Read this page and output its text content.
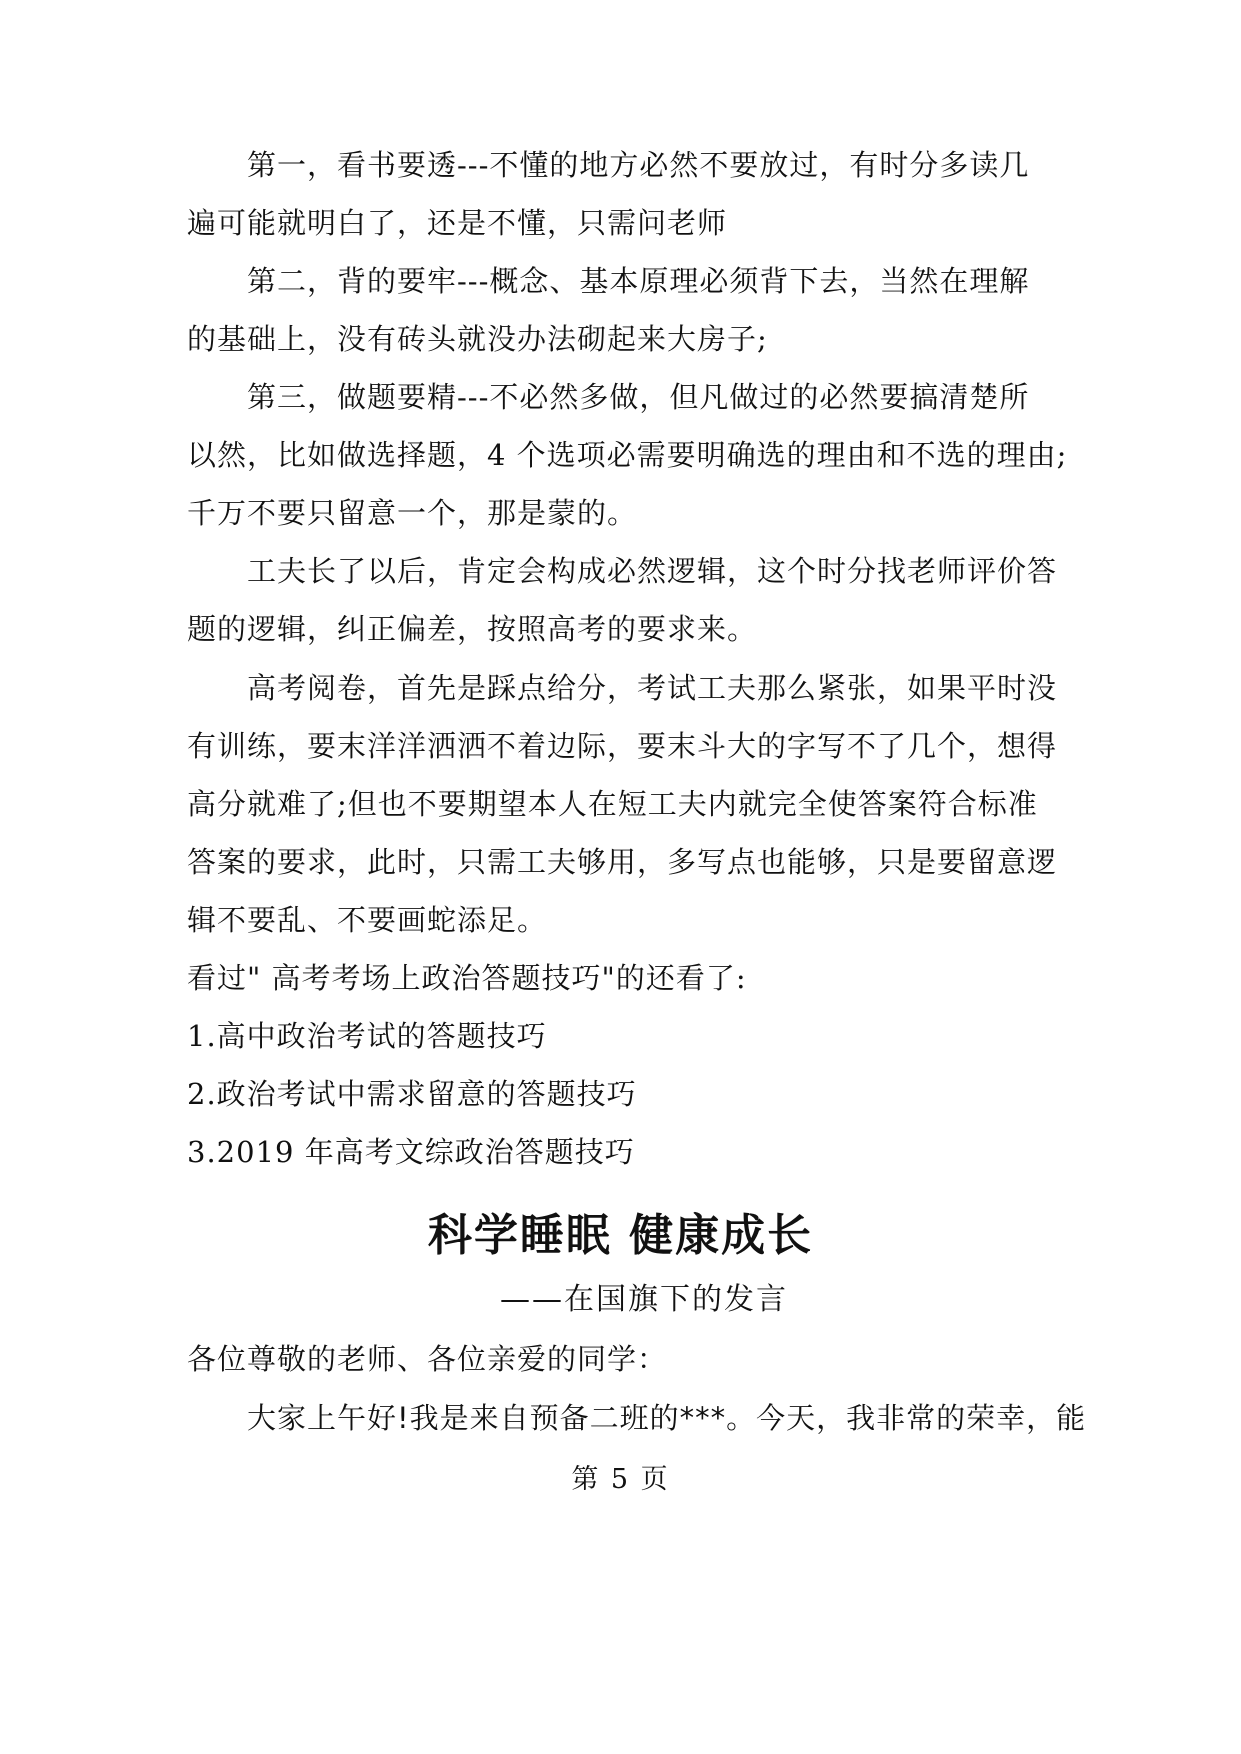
第一，看书要透---不懂的地方必然不要放过，有时分多读几
遍可能就明白了，还是不懂，只需问老师
第二，背的要牢---概念、基本原理必须背下去，当然在理解
的基础上，没有砖头就没办法砌起来大房子;
第三，做题要精---不必然多做，但凡做过的必然要搞清楚所
以然，比如做选择题，4 个选项必需要明确选的理由和不选的理由;
千万不要只留意一个，那是蒙的。
工夫长了以后，肯定会构成必然逻辑，这个时分找老师评价答
题的逻辑，纠正偏差，按照高考的要求来。
高考阅卷，首先是踩点给分，考试工夫那么紧张，如果平时没
有训练，要末洋洋洒洒不着边际，要末斗大的字写不了几个，想得
高分就难了;但也不要期望本人在短工夫内就完全使答案符合标准
答案的要求，此时，只需工夫够用，多写点也能够，只是要留意逻
辑不要乱、不要画蛇添足。
看过" 高考考场上政治答题技巧"的还看了:
1.高中政治考试的答题技巧
2.政治考试中需求留意的答题技巧
3.2019 年高考文综政治答题技巧
科学睡眠 健康成长
——在国旗下的发言
各位尊敬的老师、各位亲爱的同学：
大家上午好!我是来自预备二班的***。今天，我非常的荣幸，能
第 5 页
